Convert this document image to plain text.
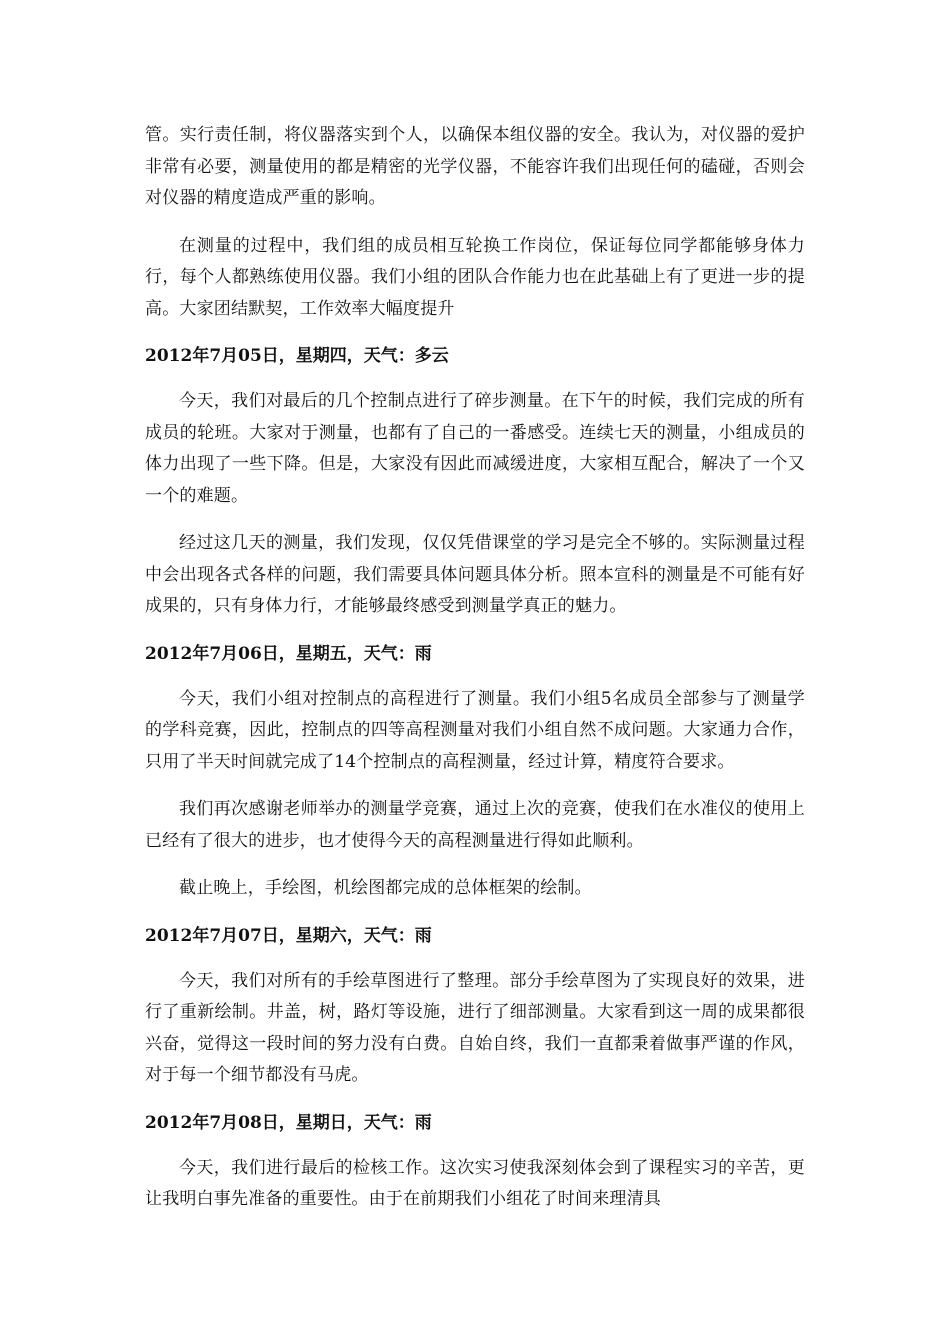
管。实行责任制，将仪器落实到个人，以确保本组仪器的安全。我认为，对仪器的爱护非常有必要，测量使用的都是精密的光学仪器，不能容许我们出现任何的磕碰，否则会对仪器的精度造成严重的影响。

在测量的过程中，我们组的成员相互轮换工作岗位，保证每位同学都能够身体力行，每个人都熟练使用仪器。我们小组的团队合作能力也在此基础上有了更进一步的提高。大家团结默契，工作效率大幅度提升

2012年7月05日，星期四，天气：多云

今天，我们对最后的几个控制点进行了碎步测量。在下午的时候，我们完成的所有成员的轮班。大家对于测量，也都有了自己的一番感受。连续七天的测量，小组成员的体力出现了一些下降。但是，大家没有因此而减缓进度，大家相互配合，解决了一个又一个的难题。

经过这几天的测量，我们发现，仅仅凭借课堂的学习是完全不够的。实际测量过程中会出现各式各样的问题，我们需要具体问题具体分析。照本宣科的测量是不可能有好成果的，只有身体力行，才能够最终感受到测量学真正的魅力。

2012年7月06日，星期五，天气：雨

今天，我们小组对控制点的高程进行了测量。我们小组5名成员全部参与了测量学的学科竞赛，因此，控制点的四等高程测量对我们小组自然不成问题。大家通力合作，只用了半天时间就完成了14个控制点的高程测量，经过计算，精度符合要求。

我们再次感谢老师举办的测量学竞赛，通过上次的竞赛，使我们在水准仪的使用上已经有了很大的进步，也才使得今天的高程测量进行得如此顺利。

截止晚上，手绘图，机绘图都完成的总体框架的绘制。

2012年7月07日，星期六，天气：雨

今天，我们对所有的手绘草图进行了整理。部分手绘草图为了实现良好的效果，进行了重新绘制。井盖，树，路灯等设施，进行了细部测量。大家看到这一周的成果都很兴奋，觉得这一段时间的努力没有白费。自始自终，我们一直都秉着做事严谨的作风，对于每一个细节都没有马虎。

2012年7月08日，星期日，天气：雨

今天，我们进行最后的检核工作。这次实习使我深刻体会到了课程实习的辛苦，更让我明白事先准备的重要性。由于在前期我们小组花了时间来理清具
